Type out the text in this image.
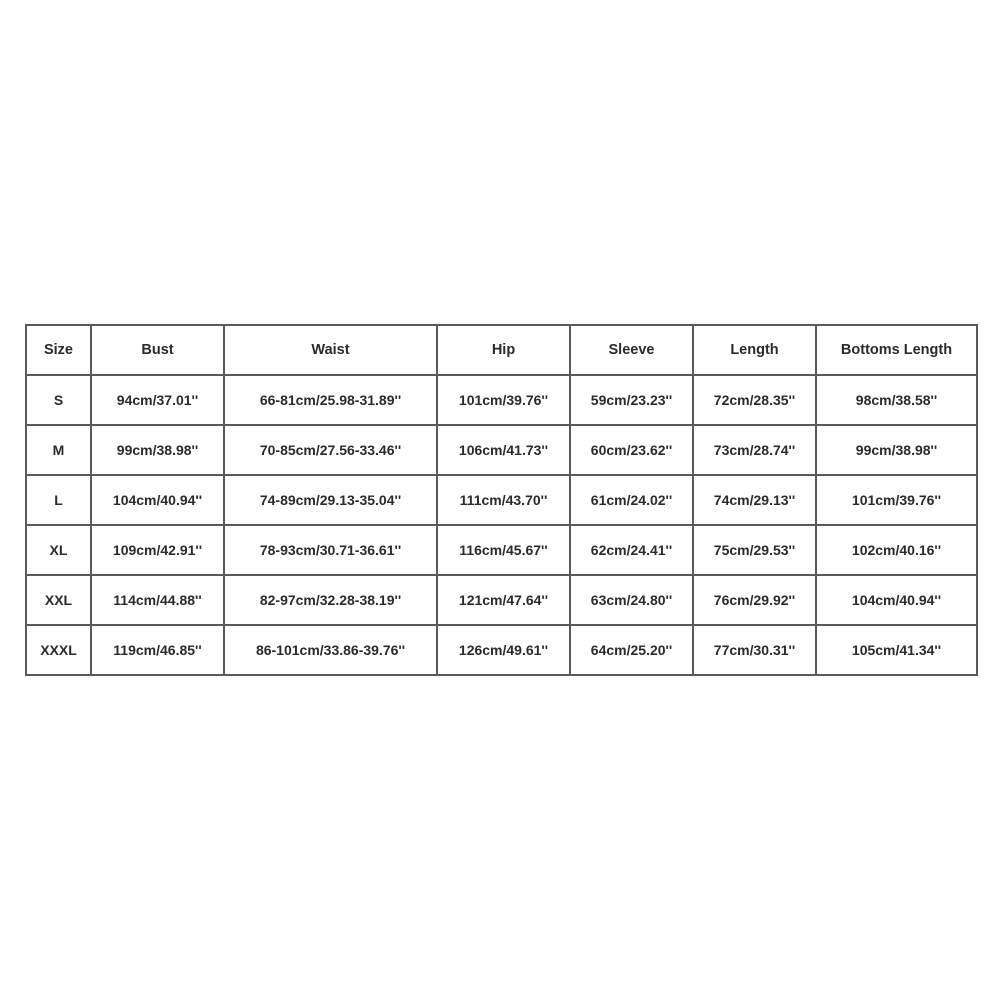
Size	Bust	Waist	Hip	Sleeve	Length	Bottoms Length
S	94cm/37.01''	66-81cm/25.98-31.89''	101cm/39.76''	59cm/23.23''	72cm/28.35''	98cm/38.58''
M	99cm/38.98''	70-85cm/27.56-33.46''	106cm/41.73''	60cm/23.62''	73cm/28.74''	99cm/38.98''
L	104cm/40.94''	74-89cm/29.13-35.04''	111cm/43.70''	61cm/24.02''	74cm/29.13''	101cm/39.76''
XL	109cm/42.91''	78-93cm/30.71-36.61''	116cm/45.67''	62cm/24.41''	75cm/29.53''	102cm/40.16''
XXL	114cm/44.88''	82-97cm/32.28-38.19''	121cm/47.64''	63cm/24.80''	76cm/29.92''	104cm/40.94''
XXXL	119cm/46.85''	86-101cm/33.86-39.76''	126cm/49.61''	64cm/25.20''	77cm/30.31''	105cm/41.34''
